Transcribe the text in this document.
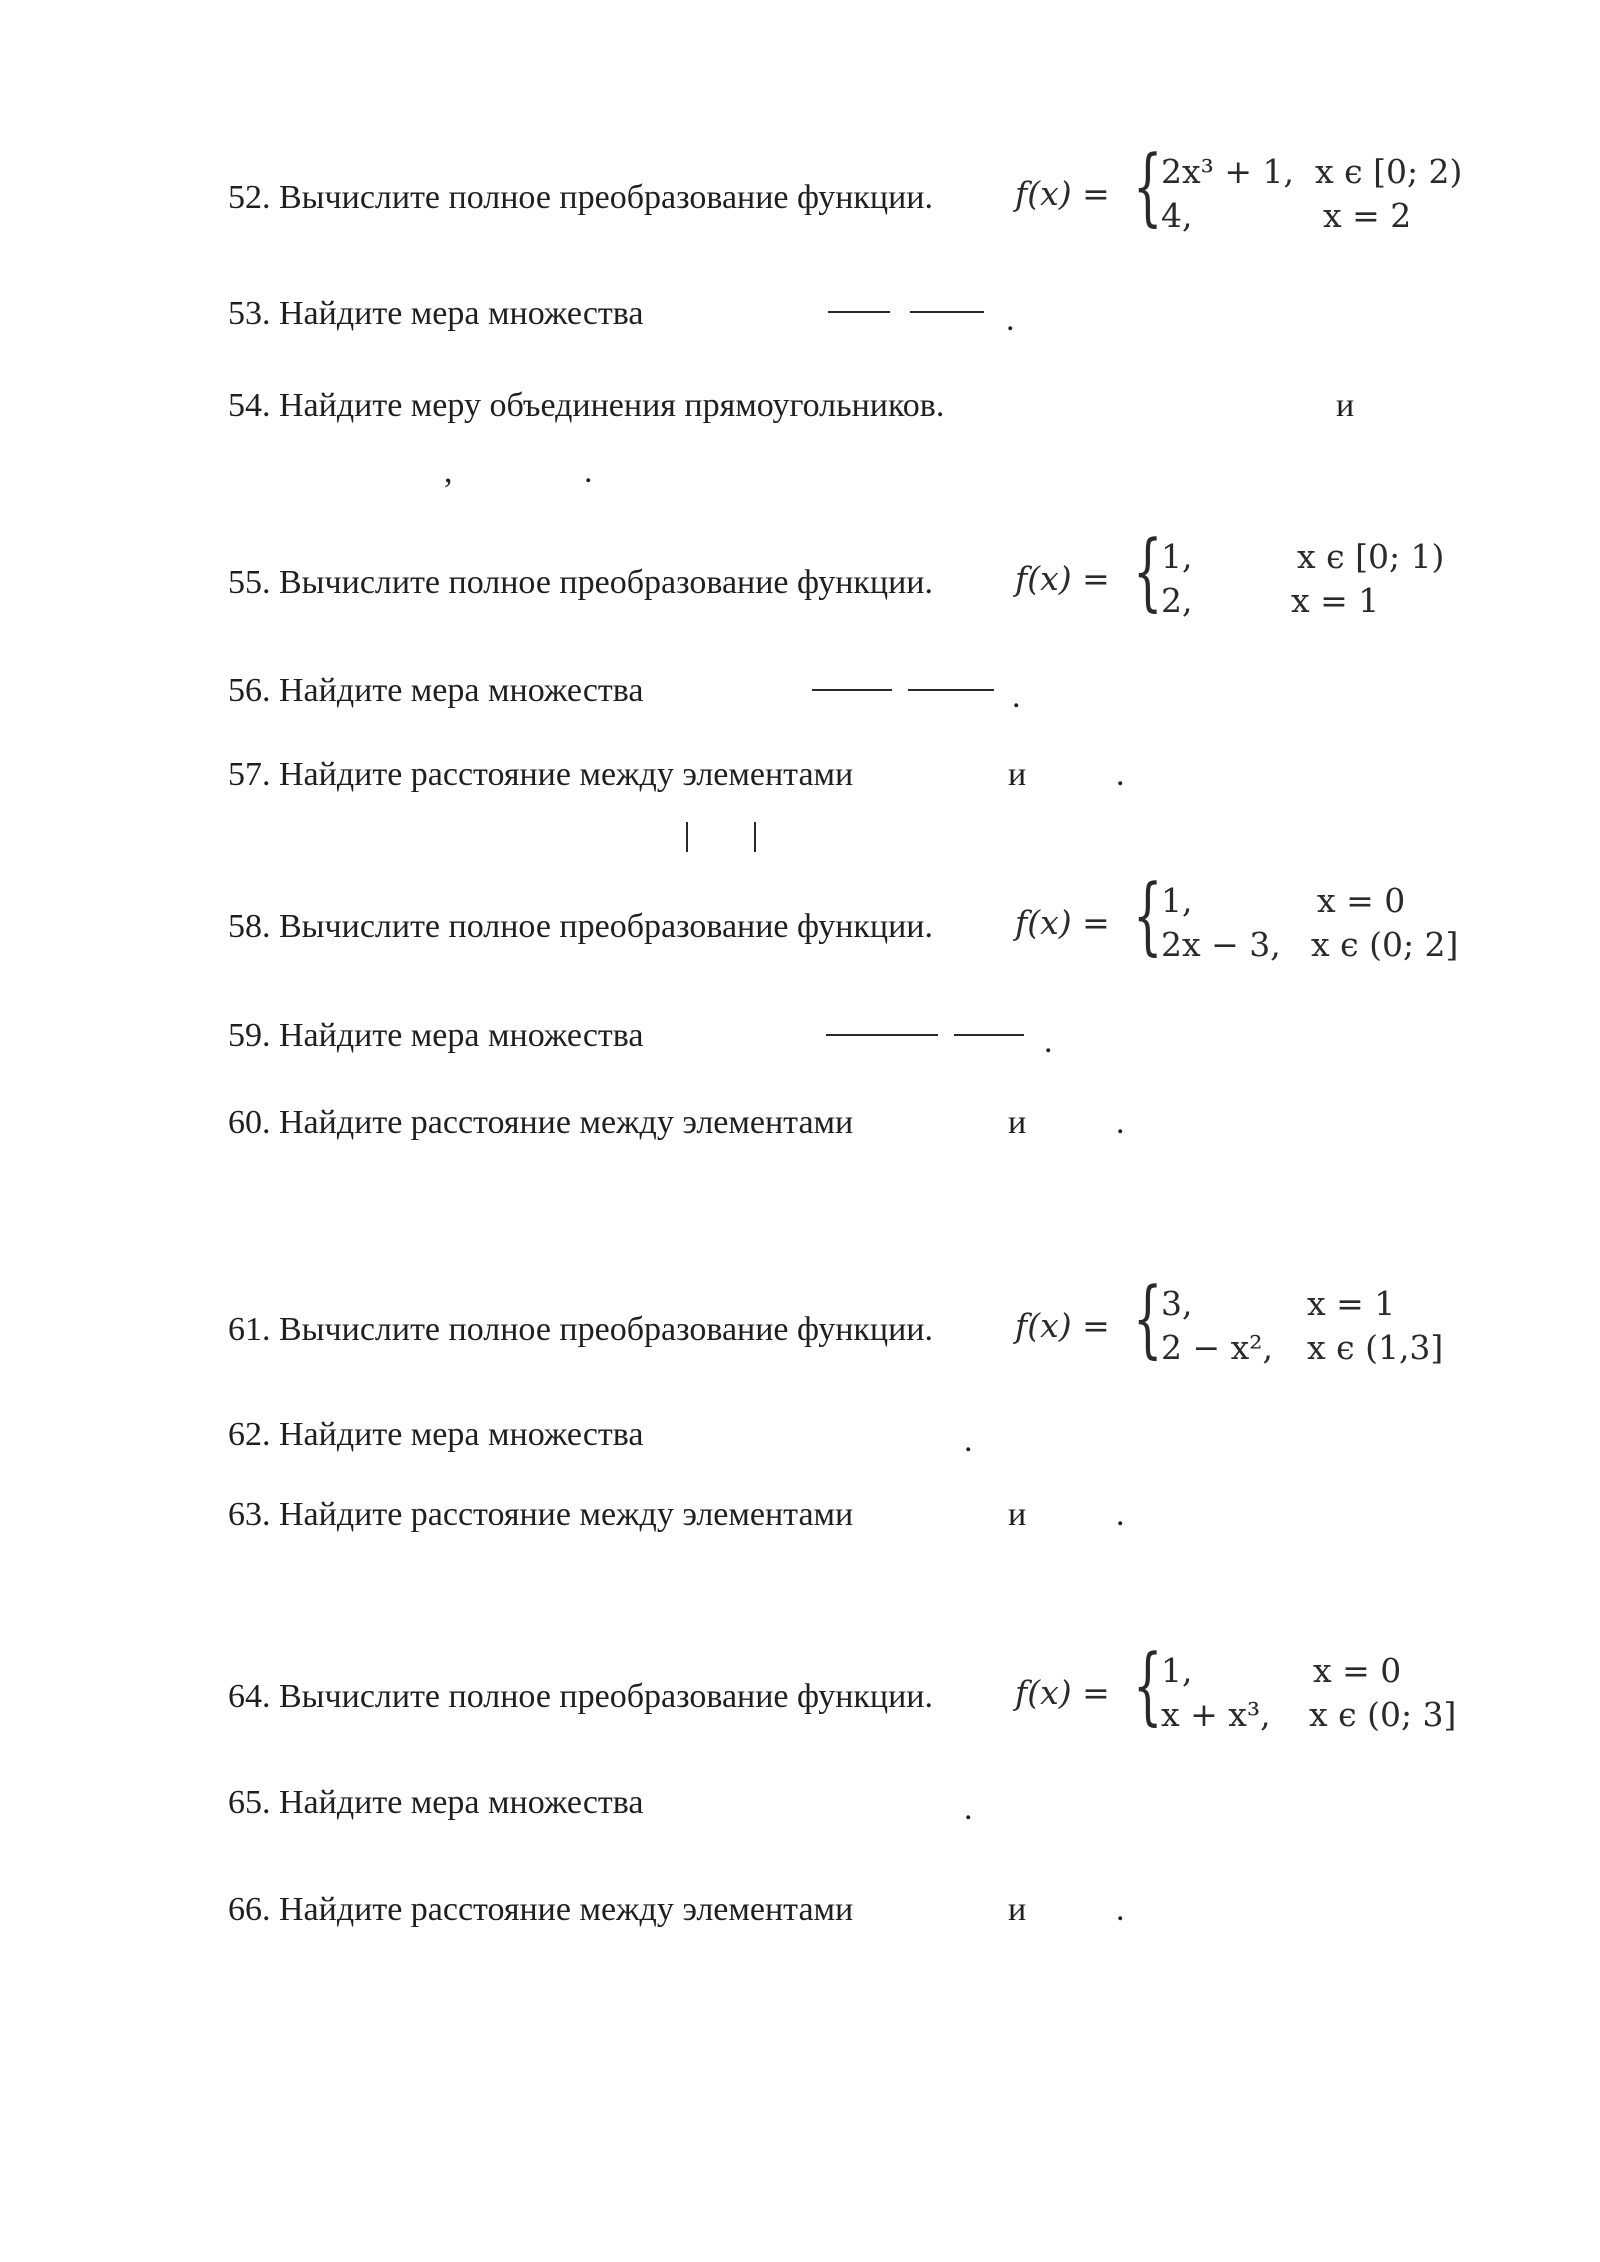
52. Вычислите полное преобразование функции. f(x) = {
2x³ + 1, x ϵ [0; 2)
4,	x = 2
53. Найдите мера множества	.
54. Найдите меру объединения прямоугольников.	и
,	.
55. Вычислите полное преобразование функции. f(x) = {
1,	x ϵ [0; 1)
2,	x = 1
56. Найдите мера множества	.
57. Найдите расстояние между элементами	и	.
58. Вычислите полное преобразование функции. f(x) = {
1,	x = 0
2x − 3, x ϵ (0; 2]
59. Найдите мера множества	.
60. Найдите расстояние между элементами	и	.
61. Вычислите полное преобразование функции. f(x) = {
3,	x = 1
2 − x², x ϵ (1,3]
62. Найдите мера множества	.
63. Найдите расстояние между элементами	и	.
64. Вычислите полное преобразование функции. f(x) = {
1,	x = 0
x + x³, x ϵ (0; 3]
65. Найдите мера множества	.
66. Найдите расстояние между элементами	и	.
